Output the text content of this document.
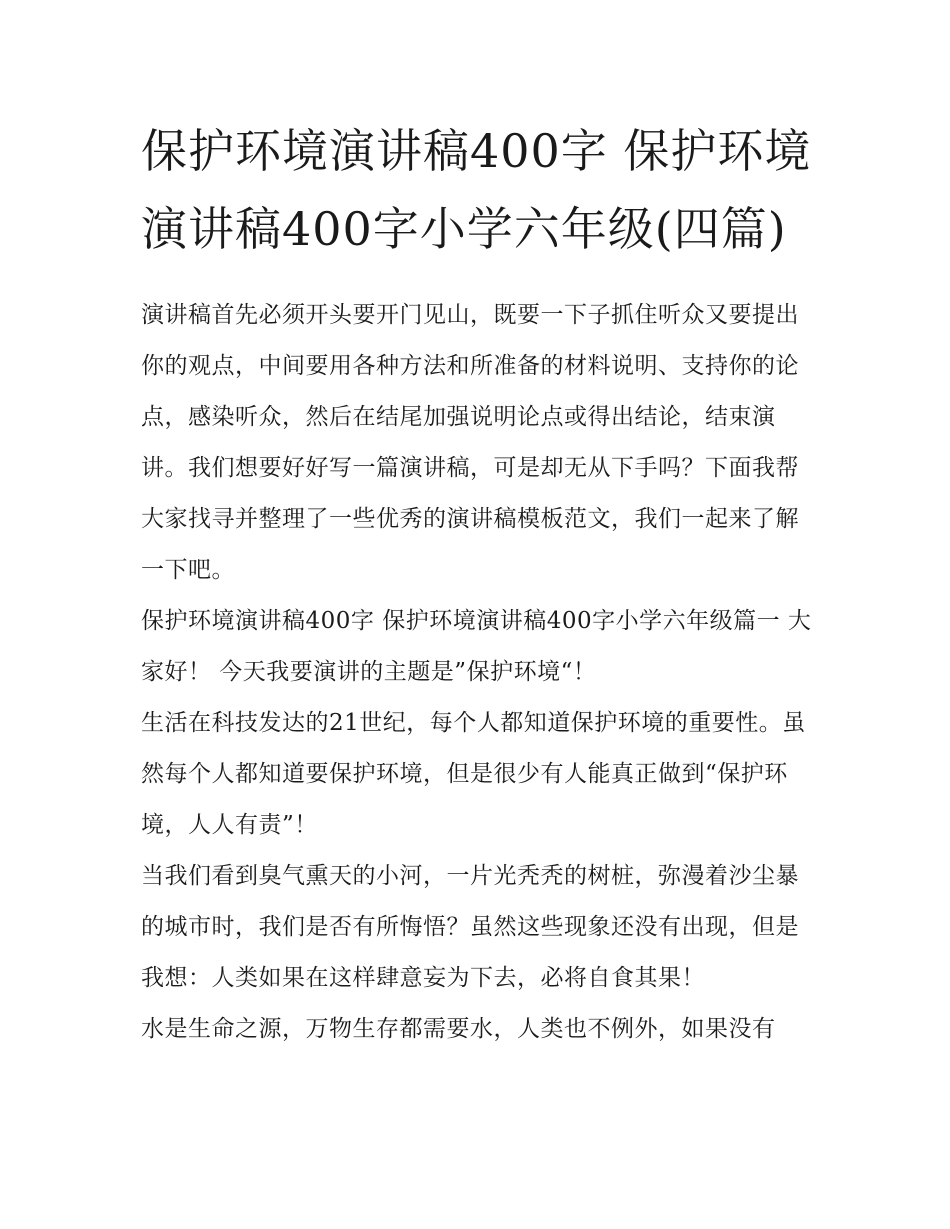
保护环境演讲稿400字 保护环境演讲稿400字小学六年级(四篇)

演讲稿首先必须开头要开门见山，既要一下子抓住听众又要提出你的观点，中间要用各种方法和所准备的材料说明、支持你的论点，感染听众，然后在结尾加强说明论点或得出结论，结束演讲。我们想要好好写一篇演讲稿，可是却无从下手吗？下面我帮大家找寻并整理了一些优秀的演讲稿模板范文，我们一起来了解一下吧。

保护环境演讲稿400字 保护环境演讲稿400字小学六年级篇一 大家好！ 今天我要演讲的主题是”保护环境“！

生活在科技发达的21世纪，每个人都知道保护环境的重要性。虽然每个人都知道要保护环境，但是很少有人能真正做到“保护环境，人人有责”！

当我们看到臭气熏天的小河，一片光秃秃的树桩，弥漫着沙尘暴的城市时，我们是否有所悔悟？虽然这些现象还没有出现，但是我想：人类如果在这样肆意妄为下去，必将自食其果！

水是生命之源，万物生存都需要水，人类也不例外，如果没有
